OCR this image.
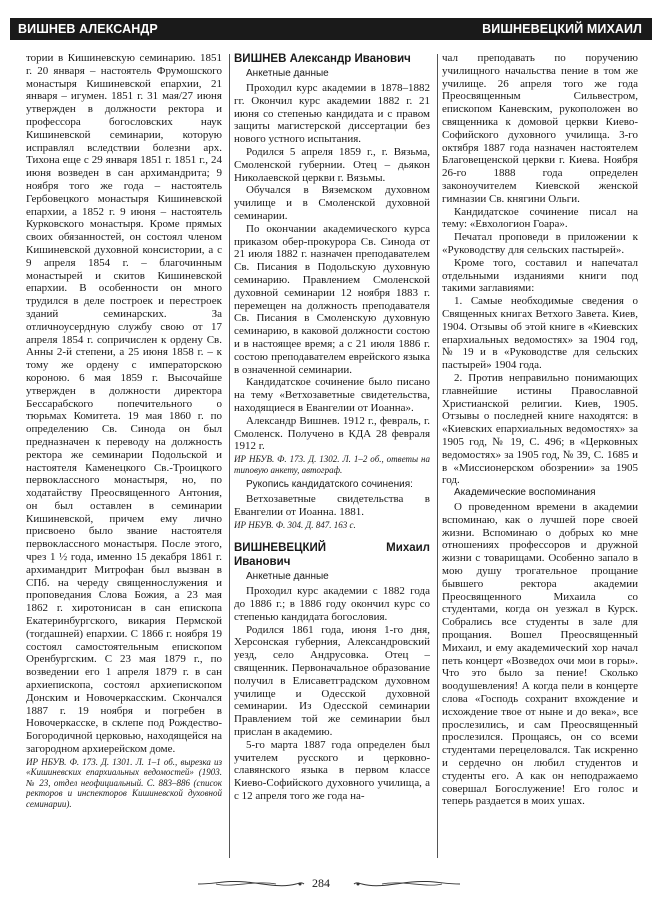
ВИШНЕВ АЛЕКСАНДР	ВИШНЕВЕЦКИЙ МИХАИЛ

тории в Кишиневскую семинарию. 1851 г. 20 января – настоятель Фрумошского монастыря Кишиневской епархии, 21 января – игумен. 1851 г. 31 мая/27 июня утвержден в должности ректора и профессора богословских наук Кишиневской семинарии, которую исправлял вследствии болезни арх. Тихона еще с 29 января 1851 г. 1851 г., 24 июня возведен в сан архимандрита; 9 ноября того же года – настоятель Гербовецкого монастыря Кишиневской епархии, а 1852 г. 9 июня – настоятель Курковского монастыря. Кроме прямых своих обязанностей, он состоял членом Кишиневской духовной консистории, а с 9 апреля 1854 г. – благочинным монастырей и скитов Кишиневской епархии. В особенности он много трудился в деле построек и перестроек зданий семинарских. За отличноусердную службу свою от 17 апреля 1854 г. сопричислен к ордену Св. Анны 2-й степени, а 25 июня 1858 г. – к тому же ордену с императорскою короною. 6 мая 1859 г. Высочайше утвержден в должности директора Бессарабского попечительного о тюрьмах Комитета. 19 мая 1860 г. по определению Св. Синода он был предназначен к переводу на должность ректора же семинарии Подольской и настоятеля Каменецкого Св.-Троицкого первоклассного монастыря, но, по ходатайству Преосвященного Антония, он был оставлен в семинарии Кишиневской, причем ему лично присвоено было звание настоятеля первоклассного монастыря. После этого, чрез 1 ½ года, именно 15 декабря 1861 г. архимандрит Митрофан был вызван в СПб. на череду священнослужения и проповедания Слова Божия, а 23 мая 1862 г. хиротонисан в сан епископа Екатеринбургского, викария Пермской (тогдашней) епархии. С 1866 г. ноября 19 состоял самостоятельным епископом Оренбургским. С 23 мая 1879 г., по возведении его 1 апреля 1879 г. в сан архиепископа, состоял архиепископом Донским и Новочеркасским. Скончался 1887 г. 19 ноября и погребен в Новочеркасске, в склепе под Рождество-Богородичной церковью, находящейся на загородном архиерейском доме.

ИР НБУВ. Ф. 173. Д. 1301. Л. 1–1 об., вырезка из «Кишиневских епархиальных ведомостей» (1903. № 23, отдел неофициальный. С. 883–886 (список ректоров и инспекторов Кишиневской духовной семинарии).

ВИШНЕВ Александр Иванович
Анкетные данные

Проходил курс академии в 1878–1882 гг. Окончил курс академии 1882 г. 21 июня со степенью кандидата и с правом защиты магистерской диссертации без нового устного испытания.

Родился 5 апреля 1859 г., г. Вязьма, Смоленской губернии. Отец – дьякон Николаевской церкви г. Вязьмы.

Обучался в Вяземском духовном училище и в Смоленской духовной семинарии.

По окончании академического курса приказом обер-прокурора Св. Синода от 21 июля 1882 г. назначен преподавателем Св. Писания в Подольскую духовную семинарию. Правлением Смоленской духовной семинарии 12 ноября 1883 г. перемещен на должность преподавателя Св. Писания в Смоленскую духовную семинарию, в каковой должности состою и в настоящее время; а с 21 июля 1886 г. состою преподавателем еврейского языка в означенной семинарии.

Кандидатское сочинение было писано на тему «Ветхозаветные свидетельства, находящиеся в Евангелии от Иоанна».

Александр Вишнев. 1912 г., февраль, г. Смоленск. Получено в КДА 28 февраля 1912 г.

ИР НБУВ. Ф. 173. Д. 1302. Л. 1–2 об., ответы на типовую анкету, автограф.

Рукопись кандидатского сочинения:

Ветхозаветные свидетельства в Евангелии от Иоанна. 1881.

ИР НБУВ. Ф. 304. Д. 847. 163 с.

ВИШНЕВЕЦКИЙ Михаил Иванович
Анкетные данные

Проходил курс академии с 1882 года до 1886 г.; в 1886 году окончил курс со степенью кандидата богословия.

Родился 1861 года, июня 1-го дня, Херсонская губерния, Александровский уезд, село Андрусовка. Отец – священник. Первоначальное образование получил в Елисаветградском духовном училище и Одесской духовной семинарии. Из Одесской семинарии Правлением той же семинарии был прислан в академию.

5-го марта 1887 года определен был учителем русского и церковно-славянского языка в первом классе Киево-Софийского духовного училища, а с 12 апреля того же года на-

чал преподавать по поручению училищного начальства пение в том же училище. 26 апреля того же года Преосвященным Сильвестром, епископом Каневским, рукоположен во священника к домовой церкви Киево-Софийского духовного училища. 3-го октября 1887 года назначен настоятелем Благовещенской церкви г. Киева. Ноября 26-го 1888 года определен законоучителем Киевской женской гимназии Св. княгини Ольги.

Кандидатское сочинение писал на тему: «Евхологион Гоара».

Печатал проповеди в приложении к «Руководству для сельских пастырей».

Кроме того, составил и напечатал отдельными изданиями книги под такими заглавиями:

1. Самые необходимые сведения о Священных книгах Ветхого Завета. Киев, 1904. Отзывы об этой книге в «Киевских епархиальных ведомостях» за 1904 год, № 19 и в «Руководстве для сельских пастырей» 1904 года.

2. Против неправильно понимающих главнейшие истины Православной Христианской религии. Киев, 1905. Отзывы о последней книге находятся: в «Киевских епархиальных ведомостях» за 1905 год, № 19, С. 496; в «Церковных ведомостях» за 1905 год, № 39, С. 1685 и в «Миссионерском обозрении» за 1905 год.

Академические воспоминания

О проведенном времени в академии вспоминаю, как о лучшей поре своей жизни. Вспоминаю о добрых ко мне отношениях профессоров и дружной жизни с товарищами. Особенно запало в мою душу трогательное прощание бывшего ректора академии Преосвященного Михаила со студентами, когда он уезжал в Курск. Собрались все студенты в зале для прощания. Вошел Преосвященный Михаил, и ему академический хор начал петь концерт «Возведох очи мои в горы». Что это было за пение! Сколько воодушевления! А когда пели в концерте слова «Господь сохранит вхождение и исхождение твое от ныне и до века», все прослезились, и сам Преосвященный прослезился. Прощаясь, он со всеми студентами перецеловался. Так искренно и сердечно он любил студентов и студенты его. А как он неподражаемо совершал Богослужение! Его голос и теперь раздается в моих ушах.

284
